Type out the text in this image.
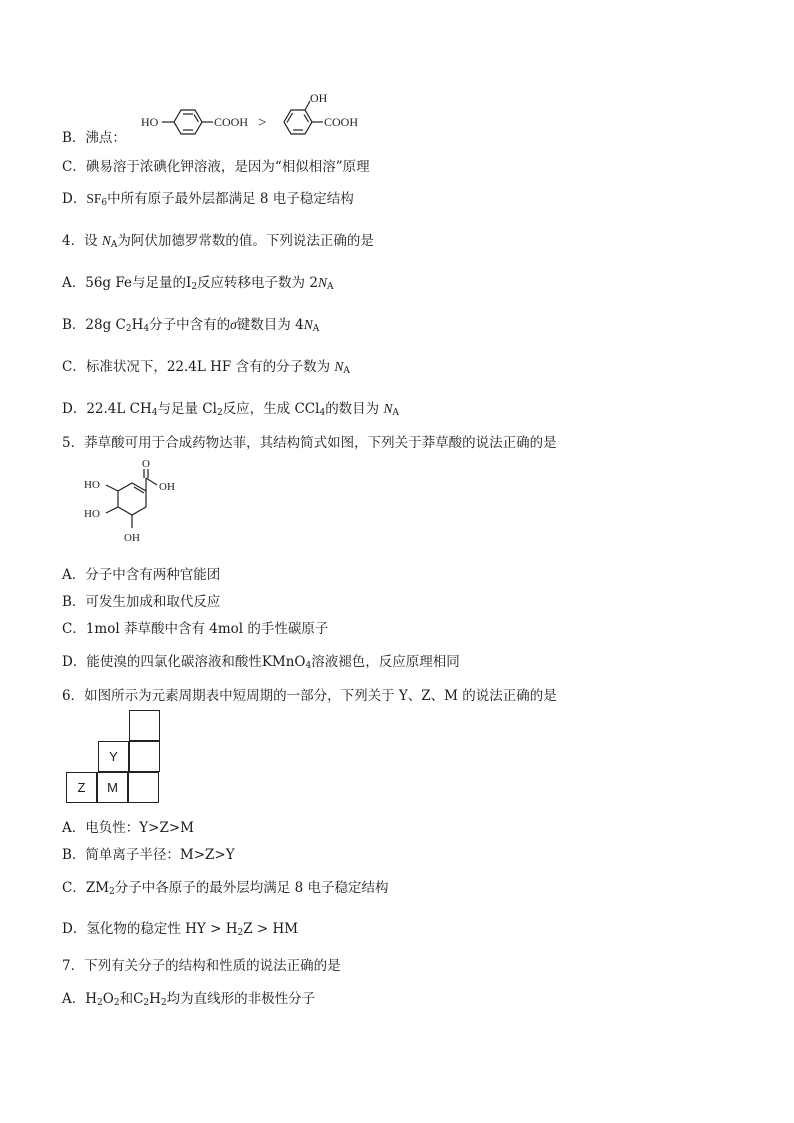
B．沸点：
HO	COOH >
OH
COOH
C．碘易溶于浓碘化钾溶液，是因为“相似相溶”原理
D．$SF_6$中所有原子最外层都满足 8 电子稳定结构
4．设 $N_A$为阿伏加德罗常数的值。下列说法正确的是
A．56g Fe与足量的$I_2$反应转移电子数为 $2N_A$
B．28g $C_2H_4$分子中含有的σ键数目为 $4N_A$
C．标准状况下，22.4L HF 含有的分子数为 $N_A$
D．22.4L $CH_4$与足量 $Cl_2$反应，生成 CCl$_4$的数目为 $N_A$
5．莽草酸可用于合成药物达菲，其结构简式如图，下列关于莽草酸的说法正确的是
O
OH
HO
HO
OH
A．分子中含有两种官能团
B．可发生加成和取代反应
C．1mol 莽草酸中含有 4mol 的手性碳原子
D．能使溴的四氯化碳溶液和酸性KMnO$_4$溶液褪色，反应原理相同
6．如图所示为元素周期表中短周期的一部分，下列关于 Y、Z、M 的说法正确的是
Y
Z	M
A．电负性：Y>Z>M
B．简单离子半径：M>Z>Y
C．$ZM_2$分子中各原子的最外层均满足 8 电子稳定结构
D．氢化物的稳定性 HY > $H_2Z$ > HM
7．下列有关分子的结构和性质的说法正确的是
A．$H_2O_2$和$C_2H_2$均为直线形的非极性分子
